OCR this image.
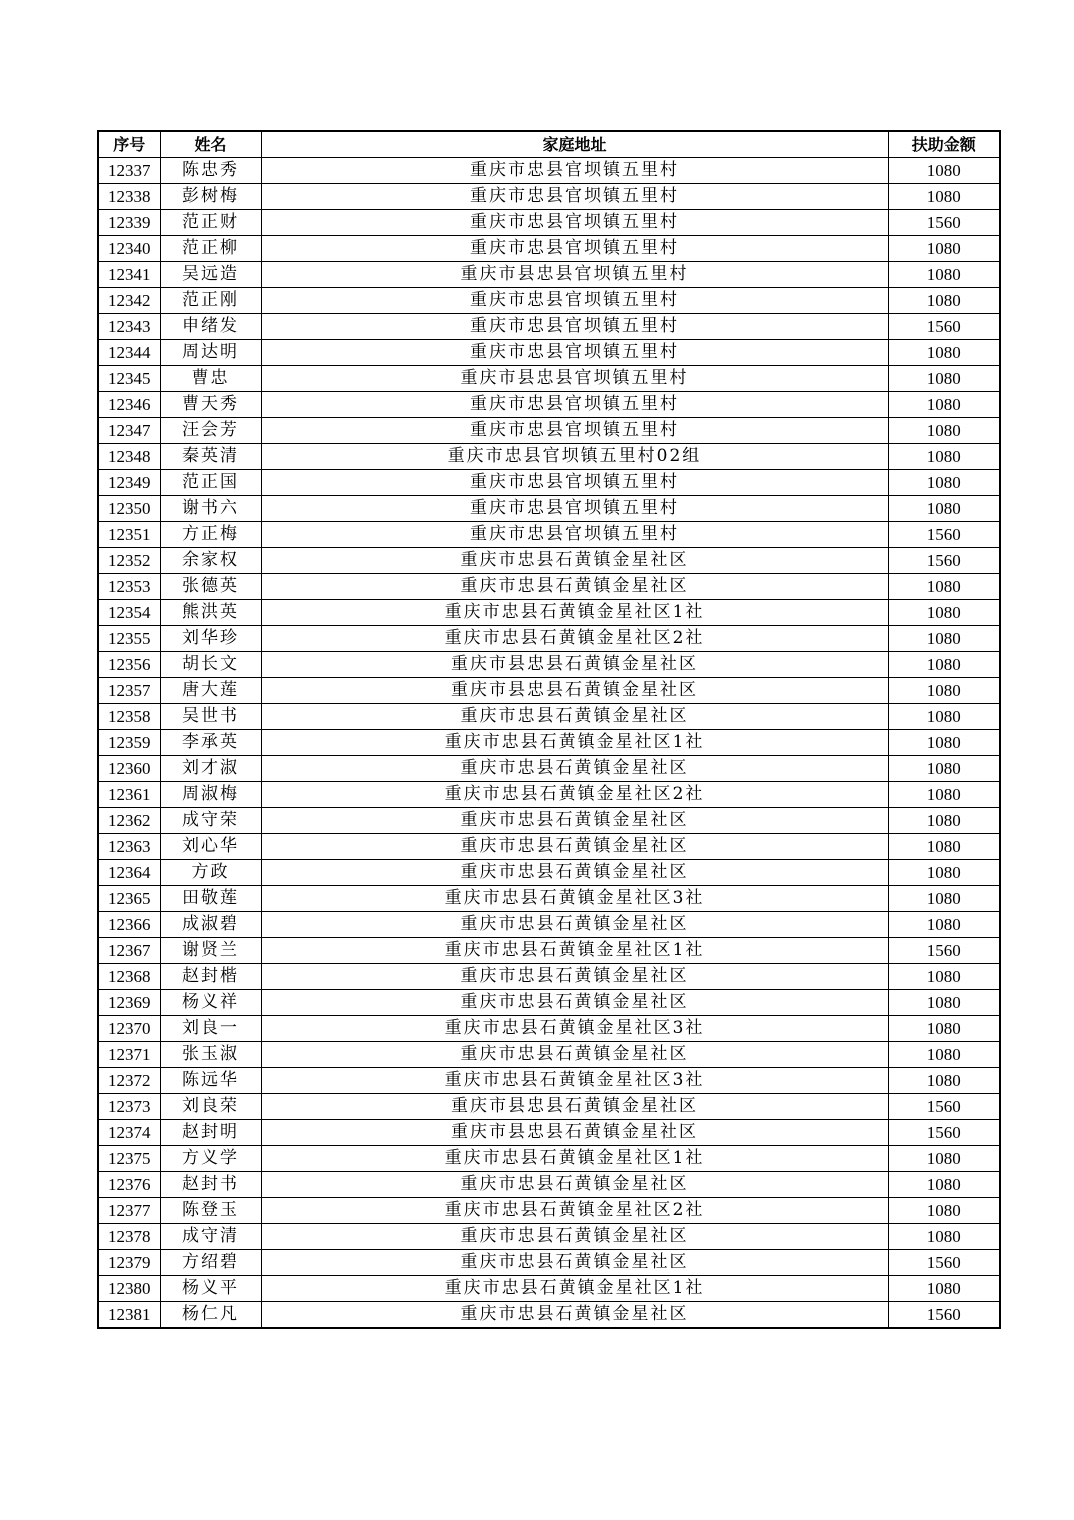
序号	姓名	家庭地址	扶助金额
12337	陈忠秀	重庆市忠县官坝镇五里村	1080
12338	彭树梅	重庆市忠县官坝镇五里村	1080
12339	范正财	重庆市忠县官坝镇五里村	1560
12340	范正柳	重庆市忠县官坝镇五里村	1080
12341	吴远造	重庆市县忠县官坝镇五里村	1080
12342	范正刚	重庆市忠县官坝镇五里村	1080
12343	申绪发	重庆市忠县官坝镇五里村	1560
12344	周达明	重庆市忠县官坝镇五里村	1080
12345	曹忠	重庆市县忠县官坝镇五里村	1080
12346	曹天秀	重庆市忠县官坝镇五里村	1080
12347	汪会芳	重庆市忠县官坝镇五里村	1080
12348	秦英清	重庆市忠县官坝镇五里村02组	1080
12349	范正国	重庆市忠县官坝镇五里村	1080
12350	谢书六	重庆市忠县官坝镇五里村	1080
12351	方正梅	重庆市忠县官坝镇五里村	1560
12352	余家权	重庆市忠县石黄镇金星社区	1560
12353	张德英	重庆市忠县石黄镇金星社区	1080
12354	熊洪英	重庆市忠县石黄镇金星社区1社	1080
12355	刘华珍	重庆市忠县石黄镇金星社区2社	1080
12356	胡长文	重庆市县忠县石黄镇金星社区	1080
12357	唐大莲	重庆市县忠县石黄镇金星社区	1080
12358	吴世书	重庆市忠县石黄镇金星社区	1080
12359	李承英	重庆市忠县石黄镇金星社区1社	1080
12360	刘才淑	重庆市忠县石黄镇金星社区	1080
12361	周淑梅	重庆市忠县石黄镇金星社区2社	1080
12362	成守荣	重庆市忠县石黄镇金星社区	1080
12363	刘心华	重庆市忠县石黄镇金星社区	1080
12364	方政	重庆市忠县石黄镇金星社区	1080
12365	田敬莲	重庆市忠县石黄镇金星社区3社	1080
12366	成淑碧	重庆市忠县石黄镇金星社区	1080
12367	谢贤兰	重庆市忠县石黄镇金星社区1社	1560
12368	赵封楷	重庆市忠县石黄镇金星社区	1080
12369	杨义祥	重庆市忠县石黄镇金星社区	1080
12370	刘良一	重庆市忠县石黄镇金星社区3社	1080
12371	张玉淑	重庆市忠县石黄镇金星社区	1080
12372	陈远华	重庆市忠县石黄镇金星社区3社	1080
12373	刘良荣	重庆市县忠县石黄镇金星社区	1560
12374	赵封明	重庆市县忠县石黄镇金星社区	1560
12375	方义学	重庆市忠县石黄镇金星社区1社	1080
12376	赵封书	重庆市忠县石黄镇金星社区	1080
12377	陈登玉	重庆市忠县石黄镇金星社区2社	1080
12378	成守清	重庆市忠县石黄镇金星社区	1080
12379	方绍碧	重庆市忠县石黄镇金星社区	1560
12380	杨义平	重庆市忠县石黄镇金星社区1社	1080
12381	杨仁凡	重庆市忠县石黄镇金星社区	1560
